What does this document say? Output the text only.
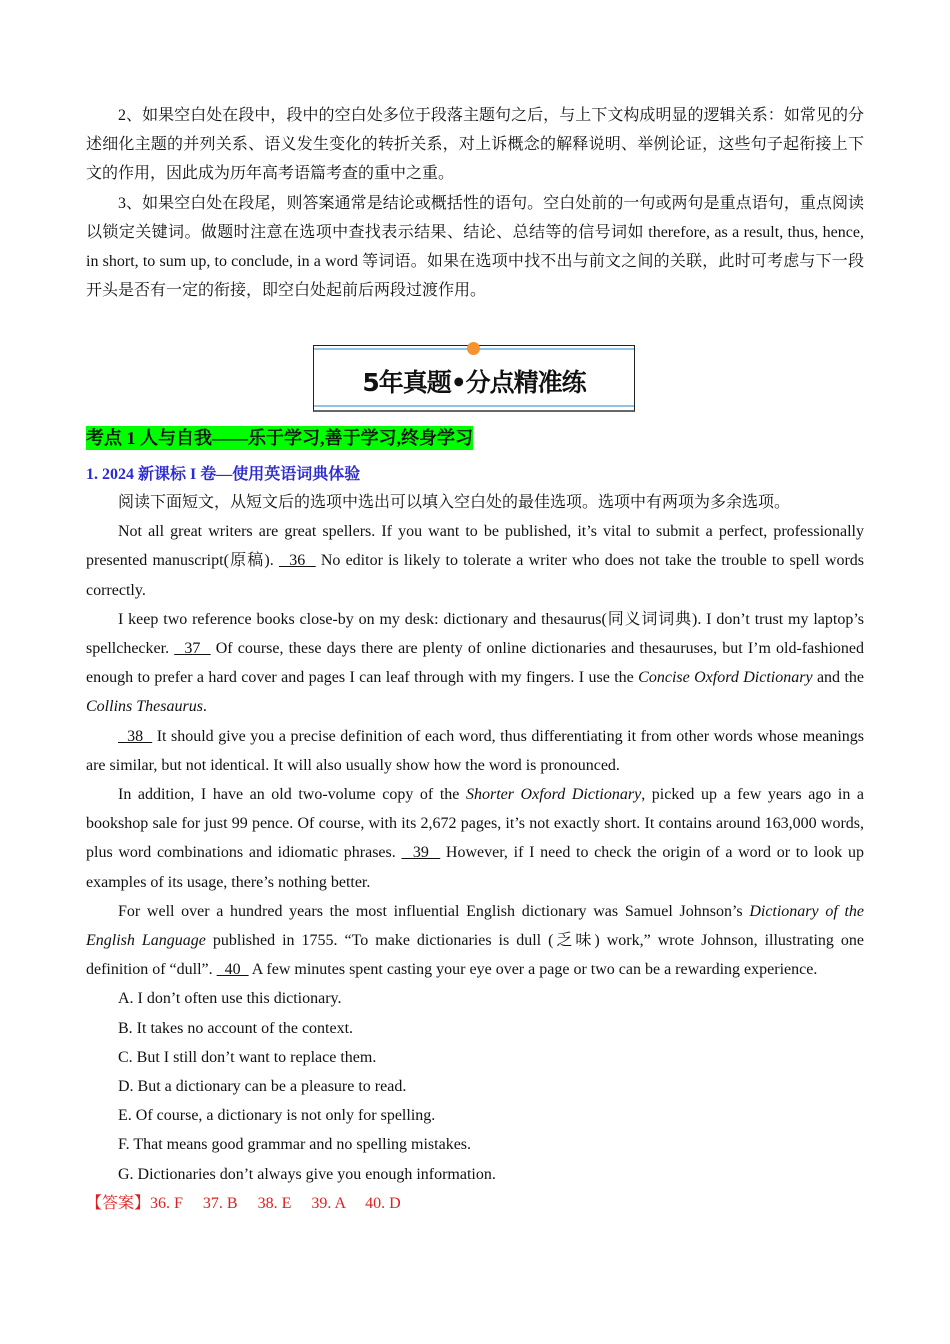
2、如果空白处在段中，段中的空白处多位于段落主题句之后，与上下文构成明显的逻辑关系：如常见的分述细化主题的并列关系、语义发生变化的转折关系，对上诉概念的解释说明、举例论证，这些句子起衔接上下文的作用，因此成为历年高考语篇考查的重中之重。

3、如果空白处在段尾，则答案通常是结论或概括性的语句。空白处前的一句或两句是重点语句，重点阅读以锁定关键词。做题时注意在选项中查找表示结果、结论、总结等的信号词如 therefore, as a result, thus, hence, in short, to sum up, to conclude, in a word 等词语。如果在选项中找不出与前文之间的关联，此时可考虑与下一段开头是否有一定的衔接，即空白处起前后两段过渡作用。

5年真题•分点精准练
考点 1 人与自我——乐于学习,善于学习,终身学习
1. 2024 新课标 I 卷—使用英语词典体验

阅读下面短文，从短文后的选项中选出可以填入空白处的最佳选项。选项中有两项为多余选项。

Not all great writers are great spellers. If you want to be published, it’s vital to submit a perfect, professionally presented manuscript(原稿).   36   No editor is likely to tolerate a writer who does not take the trouble to spell words correctly.

I keep two reference books close-by on my desk: dictionary and thesaurus(同义词词典). I don’t trust my laptop’s spellchecker.   37   Of course, these days there are plenty of online dictionaries and thesauruses, but I’m old-fashioned enough to prefer a hard cover and pages I can leaf through with my fingers. I use the Concise Oxford Dictionary and the Collins Thesaurus.

38   It should give you a precise definition of each word, thus differentiating it from other words whose meanings are similar, but not identical. It will also usually show how the word is pronounced.

In addition, I have an old two-volume copy of the Shorter Oxford Dictionary, picked up a few years ago in a bookshop sale for just 99 pence. Of course, with its 2,672 pages, it’s not exactly short. It contains around 163,000 words, plus word combinations and idiomatic phrases.   39   However, if I need to check the origin of a word or to look up examples of its usage, there’s nothing better.

For well over a hundred years the most influential English dictionary was Samuel Johnson’s Dictionary of the English Language published in 1755. “To make dictionaries is dull (乏味) work,” wrote Johnson, illustrating one definition of “dull”.   40   A few minutes spent casting your eye over a page or two can be a rewarding experience.

A. I don’t often use this dictionary.

B. It takes no account of the context.

C. But I still don’t want to replace them.

D. But a dictionary can be a pleasure to read.

E. Of course, a dictionary is not only for spelling.

F. That means good grammar and no spelling mistakes.

G. Dictionaries don’t always give you enough information.

【答案】36. F　 37. B　 38. E　 39. A　 40. D
